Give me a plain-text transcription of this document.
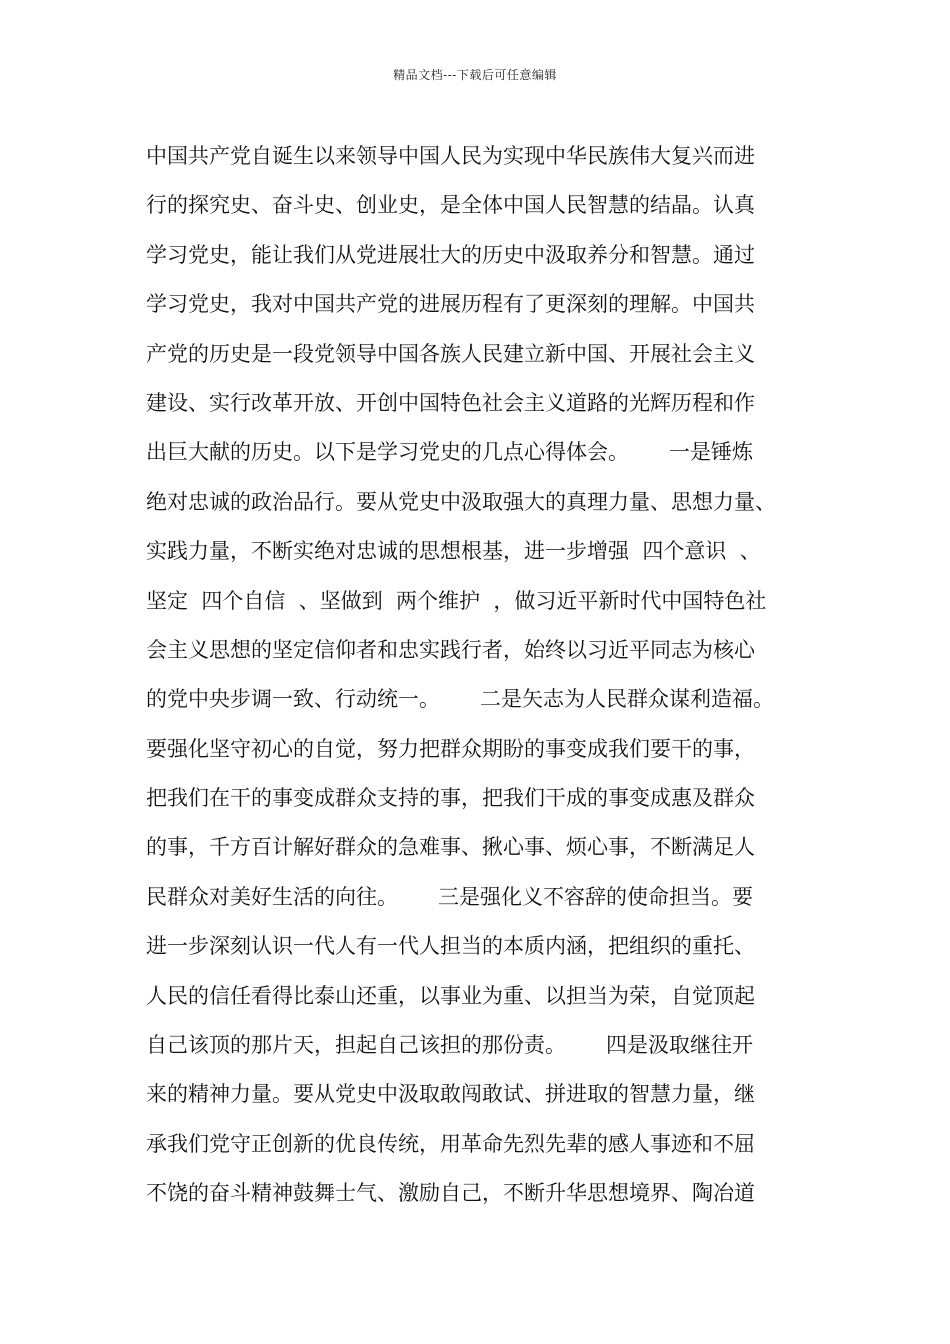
精品文档---下载后可任意编辑
中国共产党自诞生以来领导中国人民为实现中华民族伟大复兴而进
行的探究史、奋斗史、创业史，是全体中国人民智慧的结晶。认真
学习党史，能让我们从党进展壮大的历史中汲取养分和智慧。通过
学习党史，我对中国共产党的进展历程有了更深刻的理解。中国共
产党的历史是一段党领导中国各族人民建立新中国、开展社会主义
建设、实行改革开放、开创中国特色社会主义道路的光辉历程和作
出巨大献的历史。以下是学习党史的几点心得体会。      一是锤炼
绝对忠诚的政治品行。要从党史中汲取强大的真理力量、思想力量、
实践力量，不断实绝对忠诚的思想根基，进一步增强  四个意识  、
坚定  四个自信  、坚做到  两个维护  ，做习近平新时代中国特色社
会主义思想的坚定信仰者和忠实践行者，始终以习近平同志为核心
的党中央步调一致、行动统一。      二是矢志为人民群众谋利造福。
要强化坚守初心的自觉，努力把群众期盼的事变成我们要干的事，
把我们在干的事变成群众支持的事，把我们干成的事变成惠及群众
的事，千方百计解好群众的急难事、揪心事、烦心事，不断满足人
民群众对美好生活的向往。      三是强化义不容辞的使命担当。要
进一步深刻认识一代人有一代人担当的本质内涵，把组织的重托、
人民的信任看得比泰山还重，以事业为重、以担当为荣，自觉顶起
自己该顶的那片天，担起自己该担的那份责。      四是汲取继往开
来的精神力量。要从党史中汲取敢闯敢试、拼进取的智慧力量，继
承我们党守正创新的优良传统，用革命先烈先辈的感人事迹和不屈
不饶的奋斗精神鼓舞士气、激励自己，不断升华思想境界、陶冶道
